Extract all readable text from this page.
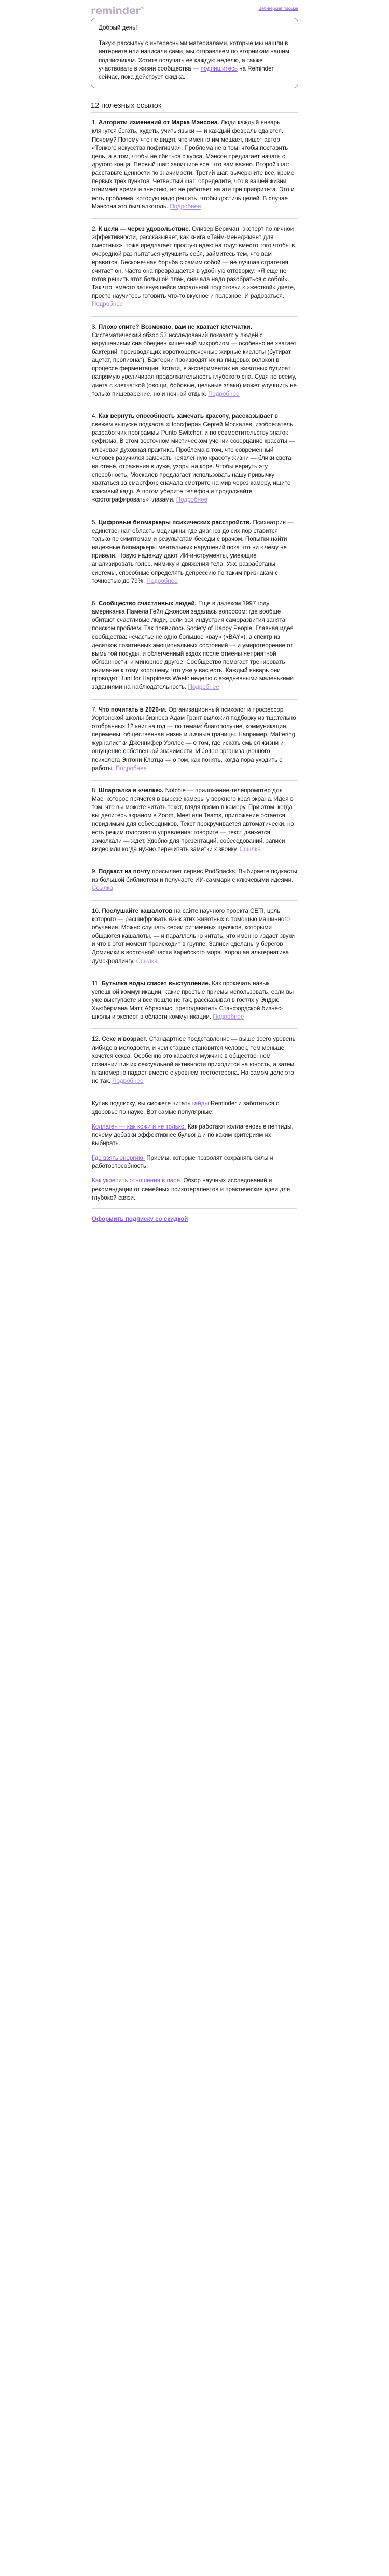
reminder*	Веб-версия письма

Добрый день!

Такую рассылку с интересными материалами, которые мы нашли в интернете или написали сами, мы отправляем по вторникам нашим подписчикам. Хотите получать ее каждую неделю, а также участвовать в жизни сообщества — подпишитесь на Reminder сейчас, пока действует скидка.

12 полезных ссылок
1. Алгоритм изменений от Марка Мэнсона. Люди каждый январь клянутся бегать, худеть, учить языки — и каждый февраль сдаются. Почему? Потому что не видят, что именно им мешает, пишет автор «Тонкого искусства пофигизма». Проблема не в том, чтобы поставить цель, а в том, чтобы не сбиться с курса. Мэнсон предлагает начать с другого конца. Первый шаг: запишите все, что вам важно. Второй шаг: расставьте ценности по значимости. Третий шаг: вычеркните все, кроме первых трех пунктов. Четвертый шаг: определите, что в вашей жизни отнимает время и энергию, но не работает на эти три приоритета. Это и есть проблема, которую надо решить, чтобы достичь целей. В случае Мэнсона это был алкоголь. Подробнее
2. К цели — через удовольствие. Оливер Беркман, эксперт по личной эффективности, рассказывает, как книга «Тайм-менеджмент для смертных», тоже предлагает простую идею на году: вместо того чтобы в очередной раз пытаться улучшить себя, займитесь тем, что вам нравится. Бесконечная борьба с самим собой — не лучшая стратегия, считает он. Часто она превращается в удобную отговорку: «Я еще не готов решить этот большой план, сначала надо разобраться с собой». Так что, вместо затянувшейся моральной подготовки к «жесткой» диете, просто научитесь готовить что-то вкусное и полезное. И радоваться. Подробнее
3. Плохо спите? Возможно, вам не хватает клетчатки. Систематический обзор 53 исследований показал: у людей с нарушениями сна обеднен кишечный микробиом — особенно не хватает бактерий, производящих короткоцепочечные жирные кислоты (бутират, ацетат, пропионат). Бактерии производят их из пищевых волокон в процессе ферментации. Кстати, в экспериментах на животных бутират напрямую увеличивал продолжительность глубокого сна. Судя по всему, диета с клетчаткой (овощи, бобовые, цельные злаки) может улучшить не только пищеварение, но и ночной отдых. Подробнее
4. Как вернуть способность замечать красоту, рассказывает в свежем выпуске подкаста «Ноосфера» Сергей Москалев, изобретатель, разработчик программы Punto Switcher, и по совместительству знаток суфизма. В этом восточном мистическом учении созерцание красоты — ключевая духовная практика. Проблема в том, что современный человек разучился замечать неявленную красоту жизни — блики света на стене, отражения в луже, узоры на коре. Чтобы вернуть эту способность, Москалев предлагает использовать нашу привычку хвататься за смартфон: сначала смотрите на мир через камеру, ищите красивый кадр. А потом уберите телефон и продолжайте «фотографировать» глазами. Подробнее
5. Цифровые биомаркеры психических расстройств. Психиатрия — единственная область медицины, где диагноз до сих пор ставится только по симптомам и результатам беседы с врачом. Попытки найти надежные биомаркеры ментальных нарушений пока что ни к чему не привели. Новую надежду дают ИИ-инструменты, умеющие анализировать голос, мимику и движения тела. Уже разработаны системы, способные определять депрессию по таким признакам с точностью до 79%. Подробнее
6. Сообщество счастливых людей. Еще в далеком 1997 году американка Памела Гейл Джонсон задалась вопросом: где вообще обитают счастливые люди, если вся индустрия саморазвития занята поиском проблем. Так появилось Society of Happy People. Главная идея сообщества: «счастье не одно большое «вау» («BAY»), а спектр из десятков позитивных эмоциональных состояний — и умиротворение от вымытой посуды, и облегченный вздох после отмены неприятной обязанности, и минорное другое. Сообщество помогает тренировать внимание к тому хорошему, что уже у вас есть. Каждый январь они проводят Hunt for Happiness Week: неделю с ежедневными маленькими заданиями на наблюдательность. Подробнее
7. Что почитать в 2026-м. Организационный психолог и профессор Уортонской школы бизнеса Адам Грант выложил подборку из тщательно отобранных 12 книг на год — по темам: благополучие, коммуникации, перемены, общественная жизнь и личные границы. Например, Mattering журналистки Дженнифер Уоллес — о том, где искать смысл жизни и ощущение собственной значимости. И Jolted организационного психолога Энтони Клотца — о том, как понять, когда пора уходить с работы. Подробнее
8. Шпаргалка в «челке». Notchie — приложение-телепромптер для Mac, которое прячется в вырезе камеры у верхнего края экрана. Идея в том, что вы можете читать текст, глядя прямо в камеру. При этом, когда вы делитесь экраном в Zoom, Meet или Teams, приложение остается невидимым для собеседников. Текст прокручивается автоматически, но есть режим голосового управления: говорите — текст движется, замолкали — ждет. Удобно для презентаций, собеседований, записи видео или когда нужно перечитать заметки к звонку. Ссылка
9. Подкаст на почту присылает сервис PodSnacks. Выбираете подкасты из большой библиотеки и получаете ИИ-саммари с ключевыми идеями. Ссылка
10. Послушайте кашалотов на сайте научного проекта CETI, цель которого — расшифровать язык этих животных с помощью машинного обучения. Можно слушать серии ритмичных щелчков, которыми общаются кашалоты, — и параллельно читать, что именно издает звуки и что в этот момент происходит в группе. Записи сделаны у берегов Доминики в восточной части Карибского моря. Хорошая альтернатива думскроллингу. Ссылка
11. Бутылка воды спасет выступление. Как прокачать навык успешной коммуникации, какие простые приемы использовать, если вы уже выступаете и все пошло не так, рассказывал в гостях у Эндрю Хьюберманa Мэтт Абрахамс, преподаватель Стэнфордской бизнес-школы и эксперт в области коммуникации. Подробнее
12. Секс и возраст. Стандартное представление — выше всего уровень либидо в молодости, и чем старше становится человек, тем меньше хочется секса. Особенно это касается мужчин: в общественном сознании пик их сексуальной активности приходится на юность, а затем планомерно падает вместе с уровнем тестостерона. На самом деле это не так. Подробнее

Купив подписку, вы сможете читать гайды Reminder и заботиться о здоровье по науке. Вот самые популярные:

Коллаген — как кожи и не только. Как работают коллагеновые пептиды, почему добавки эффективнее бульона и по каким критериям их выбирать.

Где взять энергию. Приемы, которые позволят сохранять силы и работоспособность.

Как укрепить отношения в паре. Обзор научных исследований и рекомендации от семейных психотерапевтов и практические идеи для глубокой связи.

Оформить подписку со скидкой
